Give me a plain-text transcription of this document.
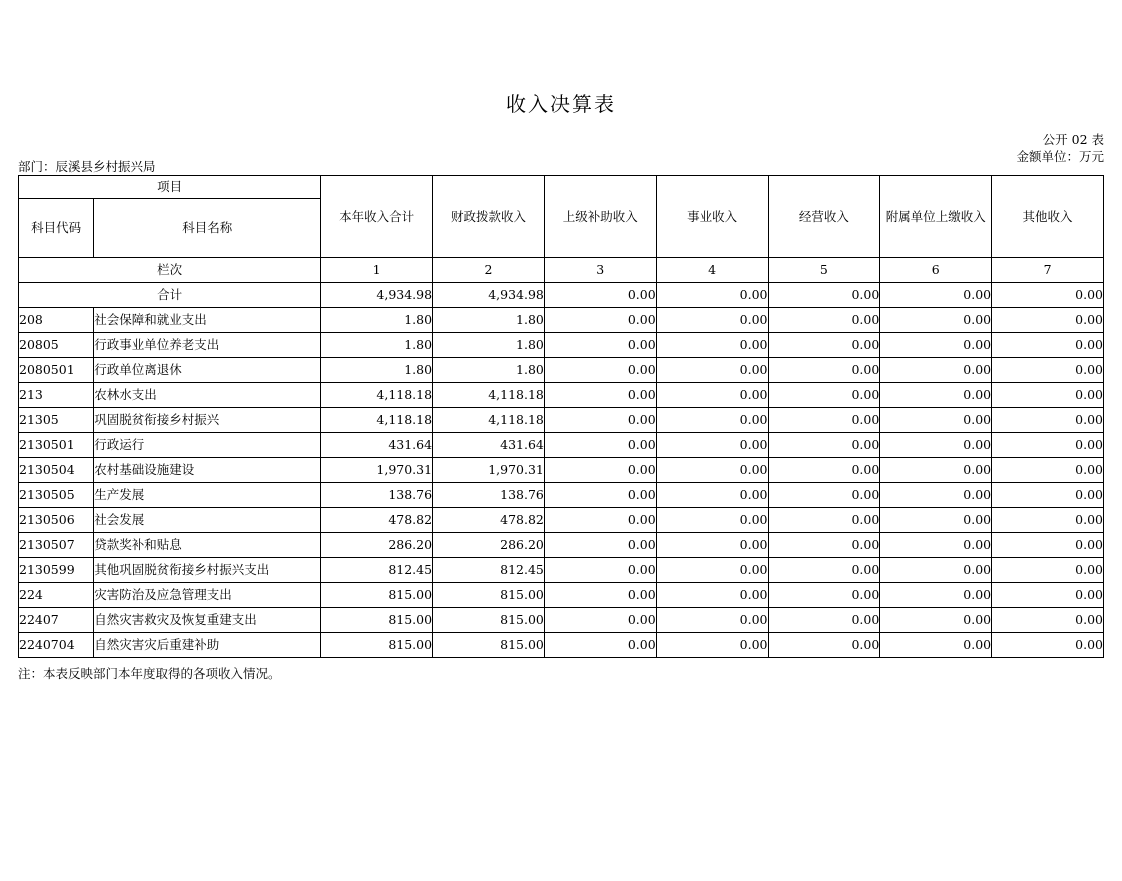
收入决算表
部门：辰溪县乡村振兴局
公开 02 表
金额单位：万元
项目		本年收入合计	财政拨款收入	上级补助收入	事业收入	经营收入	附属单位上缴收入	其他收入
科目代码	科目名称							
栏次		1	2	3	4	5	6	7
合计		4,934.98	4,934.98	0.00	0.00	0.00	0.00	0.00
208	社会保障和就业支出	1.80	1.80	0.00	0.00	0.00	0.00	0.00
20805	行政事业单位养老支出	1.80	1.80	0.00	0.00	0.00	0.00	0.00
2080501	行政单位离退休	1.80	1.80	0.00	0.00	0.00	0.00	0.00
213	农林水支出	4,118.18	4,118.18	0.00	0.00	0.00	0.00	0.00
21305	巩固脱贫衔接乡村振兴	4,118.18	4,118.18	0.00	0.00	0.00	0.00	0.00
2130501	行政运行	431.64	431.64	0.00	0.00	0.00	0.00	0.00
2130504	农村基础设施建设	1,970.31	1,970.31	0.00	0.00	0.00	0.00	0.00
2130505	生产发展	138.76	138.76	0.00	0.00	0.00	0.00	0.00
2130506	社会发展	478.82	478.82	0.00	0.00	0.00	0.00	0.00
2130507	贷款奖补和贴息	286.20	286.20	0.00	0.00	0.00	0.00	0.00
2130599	其他巩固脱贫衔接乡村振兴支出	812.45	812.45	0.00	0.00	0.00	0.00	0.00
224	灾害防治及应急管理支出	815.00	815.00	0.00	0.00	0.00	0.00	0.00
22407	自然灾害救灾及恢复重建支出	815.00	815.00	0.00	0.00	0.00	0.00	0.00
2240704	自然灾害灾后重建补助	815.00	815.00	0.00	0.00	0.00	0.00	0.00
注：本表反映部门本年度取得的各项收入情况。
